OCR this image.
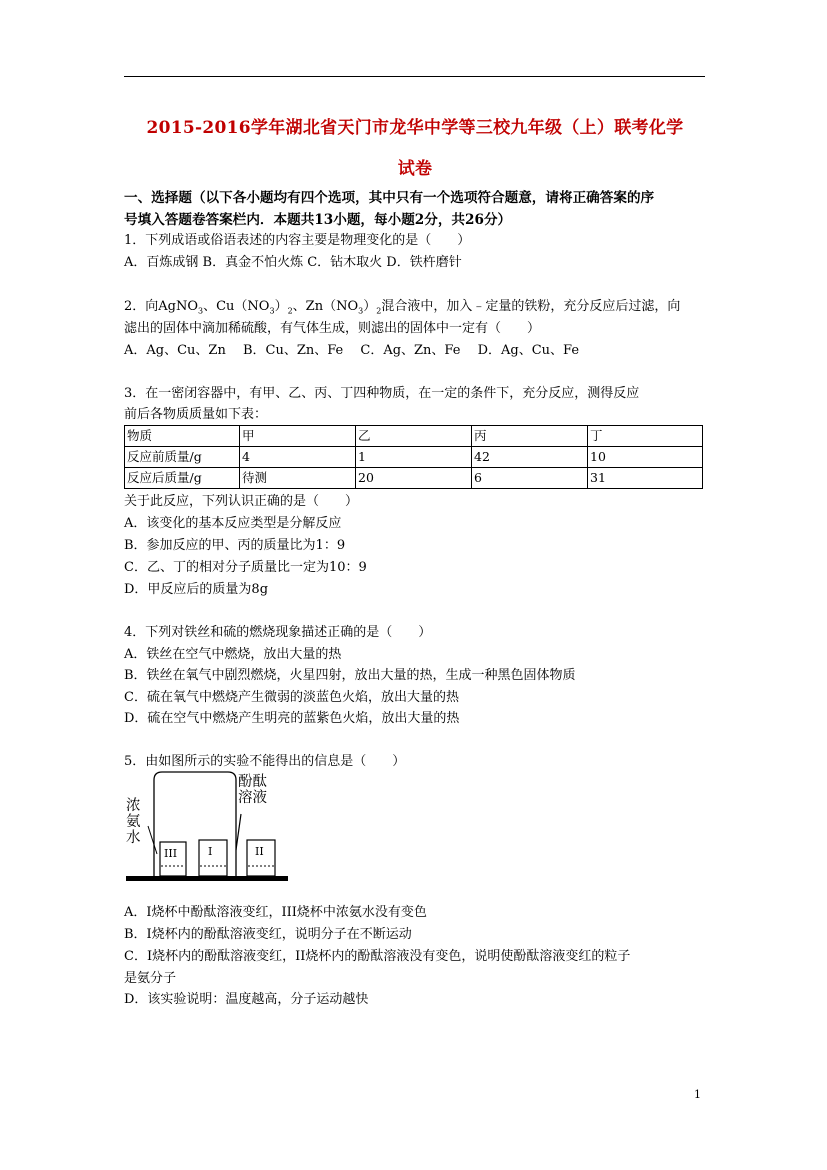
2015-2016学年湖北省天门市龙华中学等三校九年级（上）联考化学
试卷
一、选择题（以下各小题均有四个选项，其中只有一个选项符合题意，请将正确答案的序
号填入答题卷答案栏内．本题共13小题，每小题2分，共26分）
1．下列成语或俗语表述的内容主要是物理变化的是（　　）
A．百炼成钢 B．真金不怕火炼 C．钻木取火 D．铁杵磨针
2．向AgNO$_3$、$Cu(NO_3)_2$、$Zn(NO_3)_2$混合液中，加入﹣定量的铁粉，充分反应后过滤，向
滤出的固体中滴加稀硫酸，有气体生成，则滤出的固体中一定有（　　）
A．Ag、Cu、Zn　 B．Cu、Zn、Fe　 C．Ag、Zn、Fe　 D．Ag、Cu、Fe
3．在一密闭容器中，有甲、乙、丙、丁四种物质，在一定的条件下，充分反应，测得反应
前后各物质质量如下表：
物质	甲	乙	丙	丁
反应前质量/g	4	1	42	10
反应后质量/g	待测	20	6	31
关于此反应，下列认识正确的是（　　）
A．该变化的基本反应类型是分解反应
B．参加反应的甲、丙的质量比为1：9
C．乙、丁的相对分子质量比一定为10：9
D．甲反应后的质量为8g
4．下列对铁丝和硫的燃烧现象描述正确的是（　　）
A．铁丝在空气中燃烧，放出大量的热
B．铁丝在氧气中剧烈燃烧，火星四射，放出大量的热，生成一种黑色固体物质
C．硫在氧气中燃烧产生微弱的淡蓝色火焰，放出大量的热
D．硫在空气中燃烧产生明亮的蓝紫色火焰，放出大量的热
5．由如图所示的实验不能得出的信息是（　　）
浓
氨
水
酚酞
溶液
III	I	II
A．I烧杯中酚酞溶液变红，III烧杯中浓氨水没有变色
B．I烧杯内的酚酞溶液变红，说明分子在不断运动
C．I烧杯内的酚酞溶液变红，II烧杯内的酚酞溶液没有变色，说明使酚酞溶液变红的粒子
是氨分子
D．该实验说明：温度越高，分子运动越快
1
